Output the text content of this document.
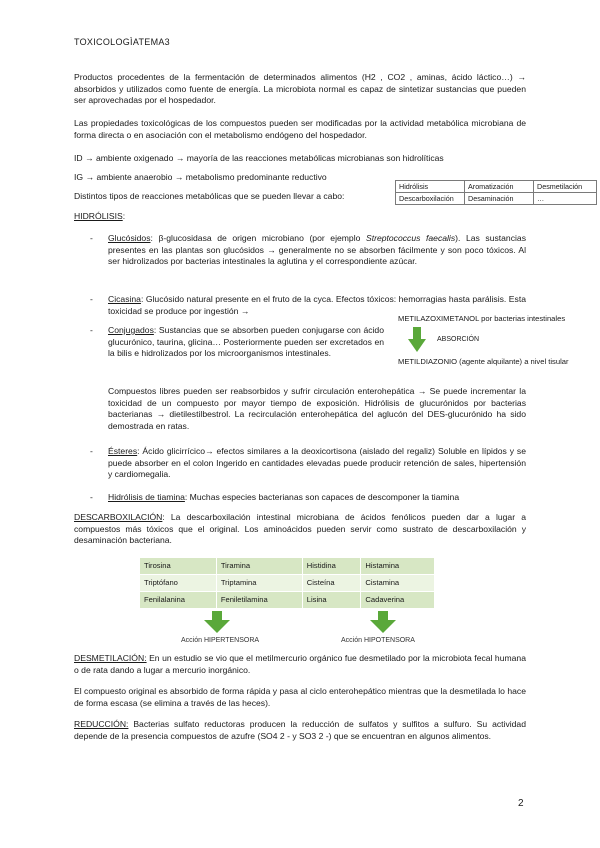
TOXICOLOGÌATEMA3
Productos procedentes de la fermentación de determinados alimentos (H2 , CO2 , aminas, ácido láctico…) → absorbidos y utilizados como fuente de energía. La microbiota normal es capaz de sintetizar sustancias que pueden ser aprovechadas por el hospedador.
Las propiedades toxicológicas de los compuestos pueden ser modificadas por la actividad metabólica microbiana de forma directa o en asociación con el metabolismo endógeno del hospedador.
ID → ambiente oxigenado → mayoría de las reacciones metabólicas microbianas son hidrolíticas
IG → ambiente anaerobio → metabolismo predominante reductivo
Distintos tipos de reacciones metabólicas que se pueden llevar a cabo:
Hidrólisis	Aromatización	Desmetilación
Descarboxilación	Desaminación	…
HIDRÓLISIS:
-	Glucósidos: β-glucosidasa de origen microbiano (por ejemplo Streptococcus faecalis). Las sustancias presentes en las plantas son glucósidos → generalmente no se absorben fácilmente y son poco tóxicos. Al ser hidrolizados por bacterias intestinales la aglutina y el correspondiente azúcar.
-	Cicasina: Glucósido natural presente en el fruto de la cyca. Efectos tóxicos: hemorragias hasta parálisis. Esta toxicidad se produce por ingestión →
METILAZOXIMETANOL por bacterias intestinales
ABSORCIÓN
METILDIAZONIO (agente alquilante) a nivel tisular
-	Conjugados: Sustancias que se absorben pueden conjugarse con ácido glucurónico, taurina, glicina… Posteriormente pueden ser excretados en la bilis e hidrolizados por los microorganismos intestinales.
Compuestos libres pueden ser reabsorbidos y sufrir circulación enterohepática → Se puede incrementar la toxicidad de un compuesto por mayor tiempo de exposición. Hidrólisis de glucurónidos por bacterias bacterianas → dietilestilbestrol. La recirculación enterohepática del aglucón del DES-glucurónido ha sido demostrada en ratas.
-	Ésteres: Ácido glicirrícico→ efectos similares a la deoxicortisona (aislado del regaliz) Soluble en lípidos y se puede absorber en el colon Ingerido en cantidades elevadas puede producir retención de sales, hipertensión y cardiomegalia.
-	Hidrólisis de tiamina: Muchas especies bacterianas son capaces de descomponer la tiamina
DESCARBOXILACIÓN: La descarboxilación intestinal microbiana de ácidos fenólicos pueden dar a lugar a compuestos más tóxicos que el original. Los aminoácidos pueden servir como sustrato de descarboxilación y desaminación bacteriana.
Tirosina	Tiramina	Histidina	Histamina
Triptófano	Triptamina	Cisteína	Cistamina
Fenilalanina	Feniletilamina	Lisina	Cadaverina
Acción HIPERTENSORA	Acción HIPOTENSORA
DESMETILACIÓN: En un estudio se vio que el metilmercurio orgánico fue desmetilado por la microbiota fecal humana o de rata dando a lugar a mercurio inorgánico.
El compuesto original es absorbido de forma rápida y pasa al ciclo enterohepático mientras que la desmetilada lo hace de forma escasa (se elimina a través de las heces).
REDUCCIÓN: Bacterias sulfato reductoras producen la reducción de sulfatos y sulfitos a sulfuro. Su actividad depende de la presencia compuestos de azufre (SO4 2 - y SO3 2 -) que se encuentran en algunos alimentos.
2
